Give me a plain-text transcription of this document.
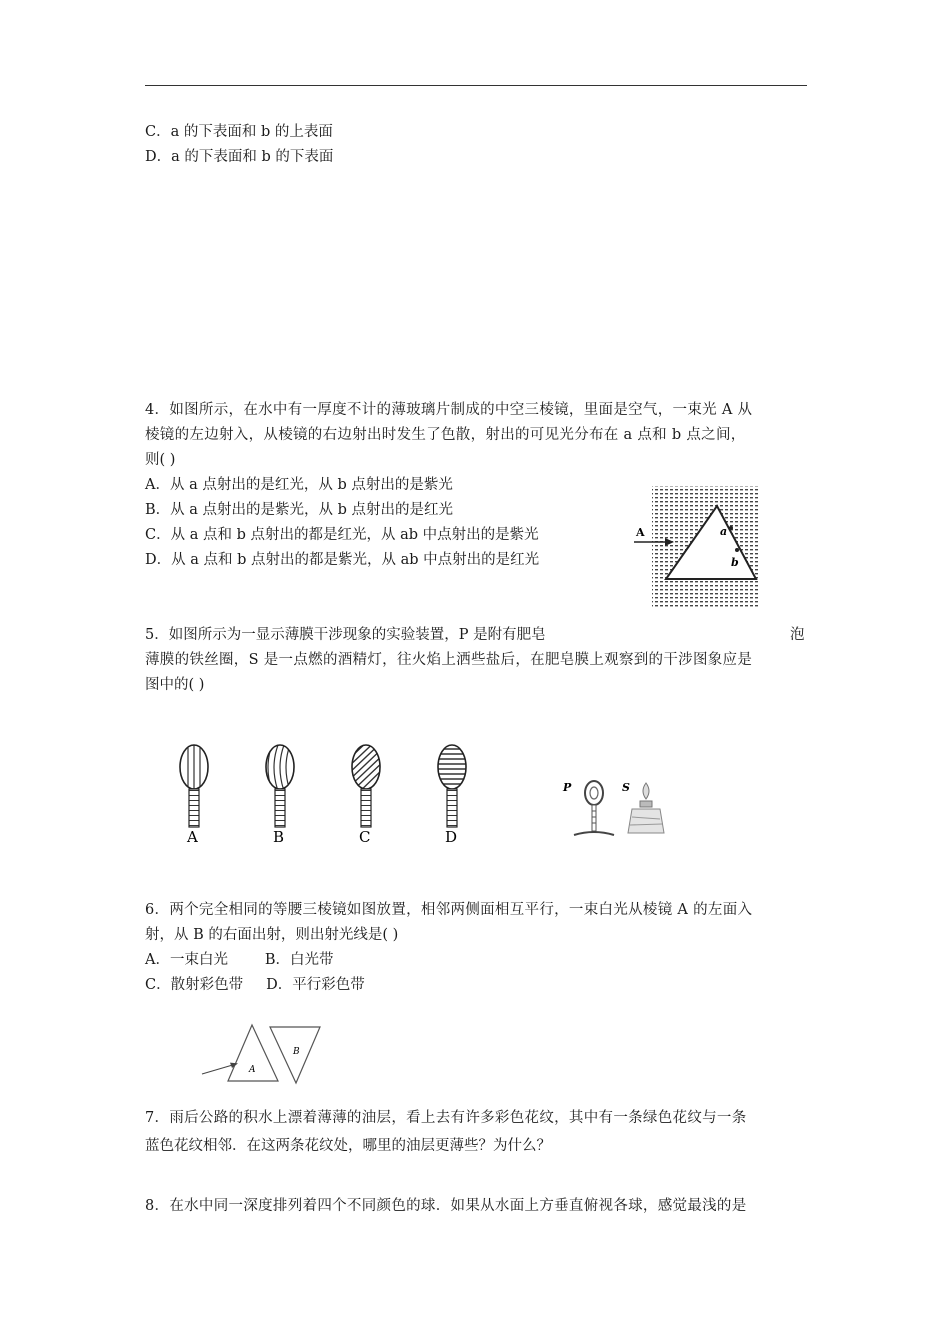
C．a 的下表面和 b 的上表面
D．a 的下表面和 b 的下表面
4．如图所示，在水中有一厚度不计的薄玻璃片制成的中空三棱镜，里面是空气，一束光 A 从
棱镜的左边射入，从棱镜的右边射出时发生了色散，射出的可见光分布在 a 点和 b 点之间，
则( )
A．从 a 点射出的是红光，从 b 点射出的是紫光
B．从 a 点射出的是紫光，从 b 点射出的是红光
C．从 a 点和 b 点射出的都是红光，从 ab 中点射出的是紫光
D．从 a 点和 b 点射出的都是紫光，从 ab 中点射出的是红光
A	a
b
5．如图所示为一显示薄膜干涉现象的实验装置，P 是附有肥皂	泡
薄膜的铁丝圈，S 是一点燃的酒精灯，往火焰上洒些盐后，在肥皂膜上观察到的干涉图象应是
图中的( )
A	B	C	D
P	S
6．两个完全相同的等腰三棱镜如图放置，相邻两侧面相互平行，一束白光从棱镜 A 的左面入
射，从 B 的右面出射，则出射光线是( )
A．一束白光        B．白光带
C．散射彩色带     D．平行彩色带
A
B
7．雨后公路的积水上漂着薄薄的油层，看上去有许多彩色花纹，其中有一条绿色花纹与一条
蓝色花纹相邻．在这两条花纹处，哪里的油层更薄些？为什么？
8．在水中同一深度排列着四个不同颜色的球．如果从水面上方垂直俯视各球，感觉最浅的是
